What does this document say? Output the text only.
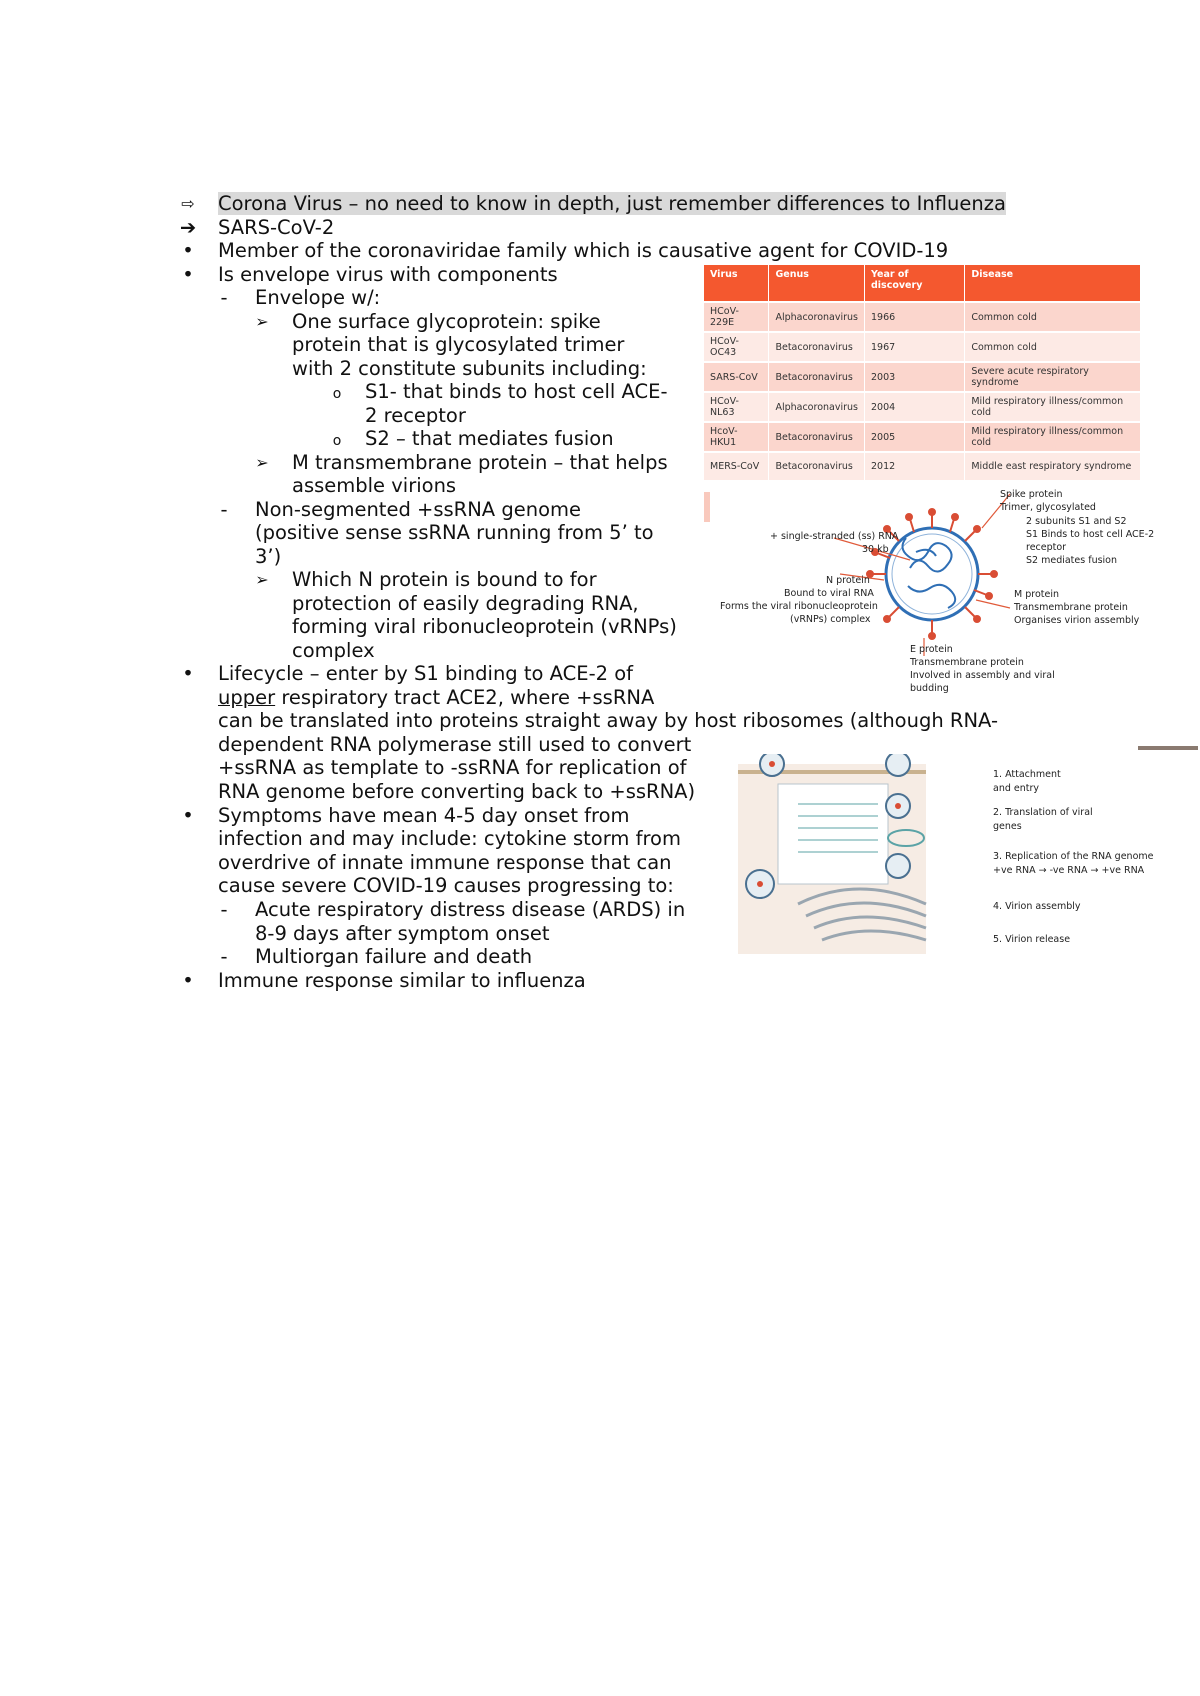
⇨ Corona Virus – no need to know in depth, just remember differences to Influenza
➔ SARS-CoV-2
•	Member of the coronaviridae family which is causative agent for COVID-19
•	Is envelope virus with components
-	Envelope w/:
➢ One surface glycoprotein: spike
protein that is glycosylated trimer
with 2 constitute subunits including:
o	S1- that binds to host cell ACE-
2 receptor
o	S2 – that mediates fusion
➢ M transmembrane protein – that helps
assemble virions
-	Non-segmented +ssRNA genome
(positive sense ssRNA running from 5’ to
3’)
➢ Which N protein is bound to for
protection of easily degrading RNA,
forming viral ribonucleoprotein (vRNPs)
complex
•	Lifecycle – enter by S1 binding to ACE-2 of
upper respiratory tract ACE2, where +ssRNA
can be translated into proteins straight away by host ribosomes (although RNA-
dependent RNA polymerase still used to convert
+ssRNA as template to -ssRNA for replication of
RNA genome before converting back to +ssRNA)
•	Symptoms have mean 4-5 day onset from
infection and may include: cytokine storm from
overdrive of innate immune response that can
cause severe COVID-19 causes progressing to:
-	Acute respiratory distress disease (ARDS) in
8-9 days after symptom onset
-	Multiorgan failure and death
•	Immune response similar to influenza
Virus	Genus	Year of discovery	Disease
HCoV-229E	Alphacoronavirus	1966	Common cold
HCoV-OC43	Betacoronavirus	1967	Common cold
SARS-CoV	Betacoronavirus	2003	Severe acute respiratory syndrome
HCoV-NL63	Alphacoronavirus	2004	Mild respiratory illness/common cold
HcoV-HKU1	Betacoronavirus	2005	Mild respiratory illness/common cold
MERS-CoV	Betacoronavirus	2012	Middle east respiratory syndrome
Spike protein
Trimer, glycosylated
2 subunits S1 and S2
S1 Binds to host cell ACE-2
receptor
S2 mediates fusion
+ single-stranded (ss) RNA
30 kb
N protein
Bound to viral RNA
Forms the viral ribonucleoprotein
(vRNPs) complex
M protein
Transmembrane protein
Organises virion assembly
E protein
Transmembrane protein
Involved in assembly and viral
budding
1. Attachment
and entry
2. Translation of viral
genes
3. Replication of the RNA genome
+ve RNA → -ve RNA → +ve RNA
4. Virion assembly
5. Virion release
